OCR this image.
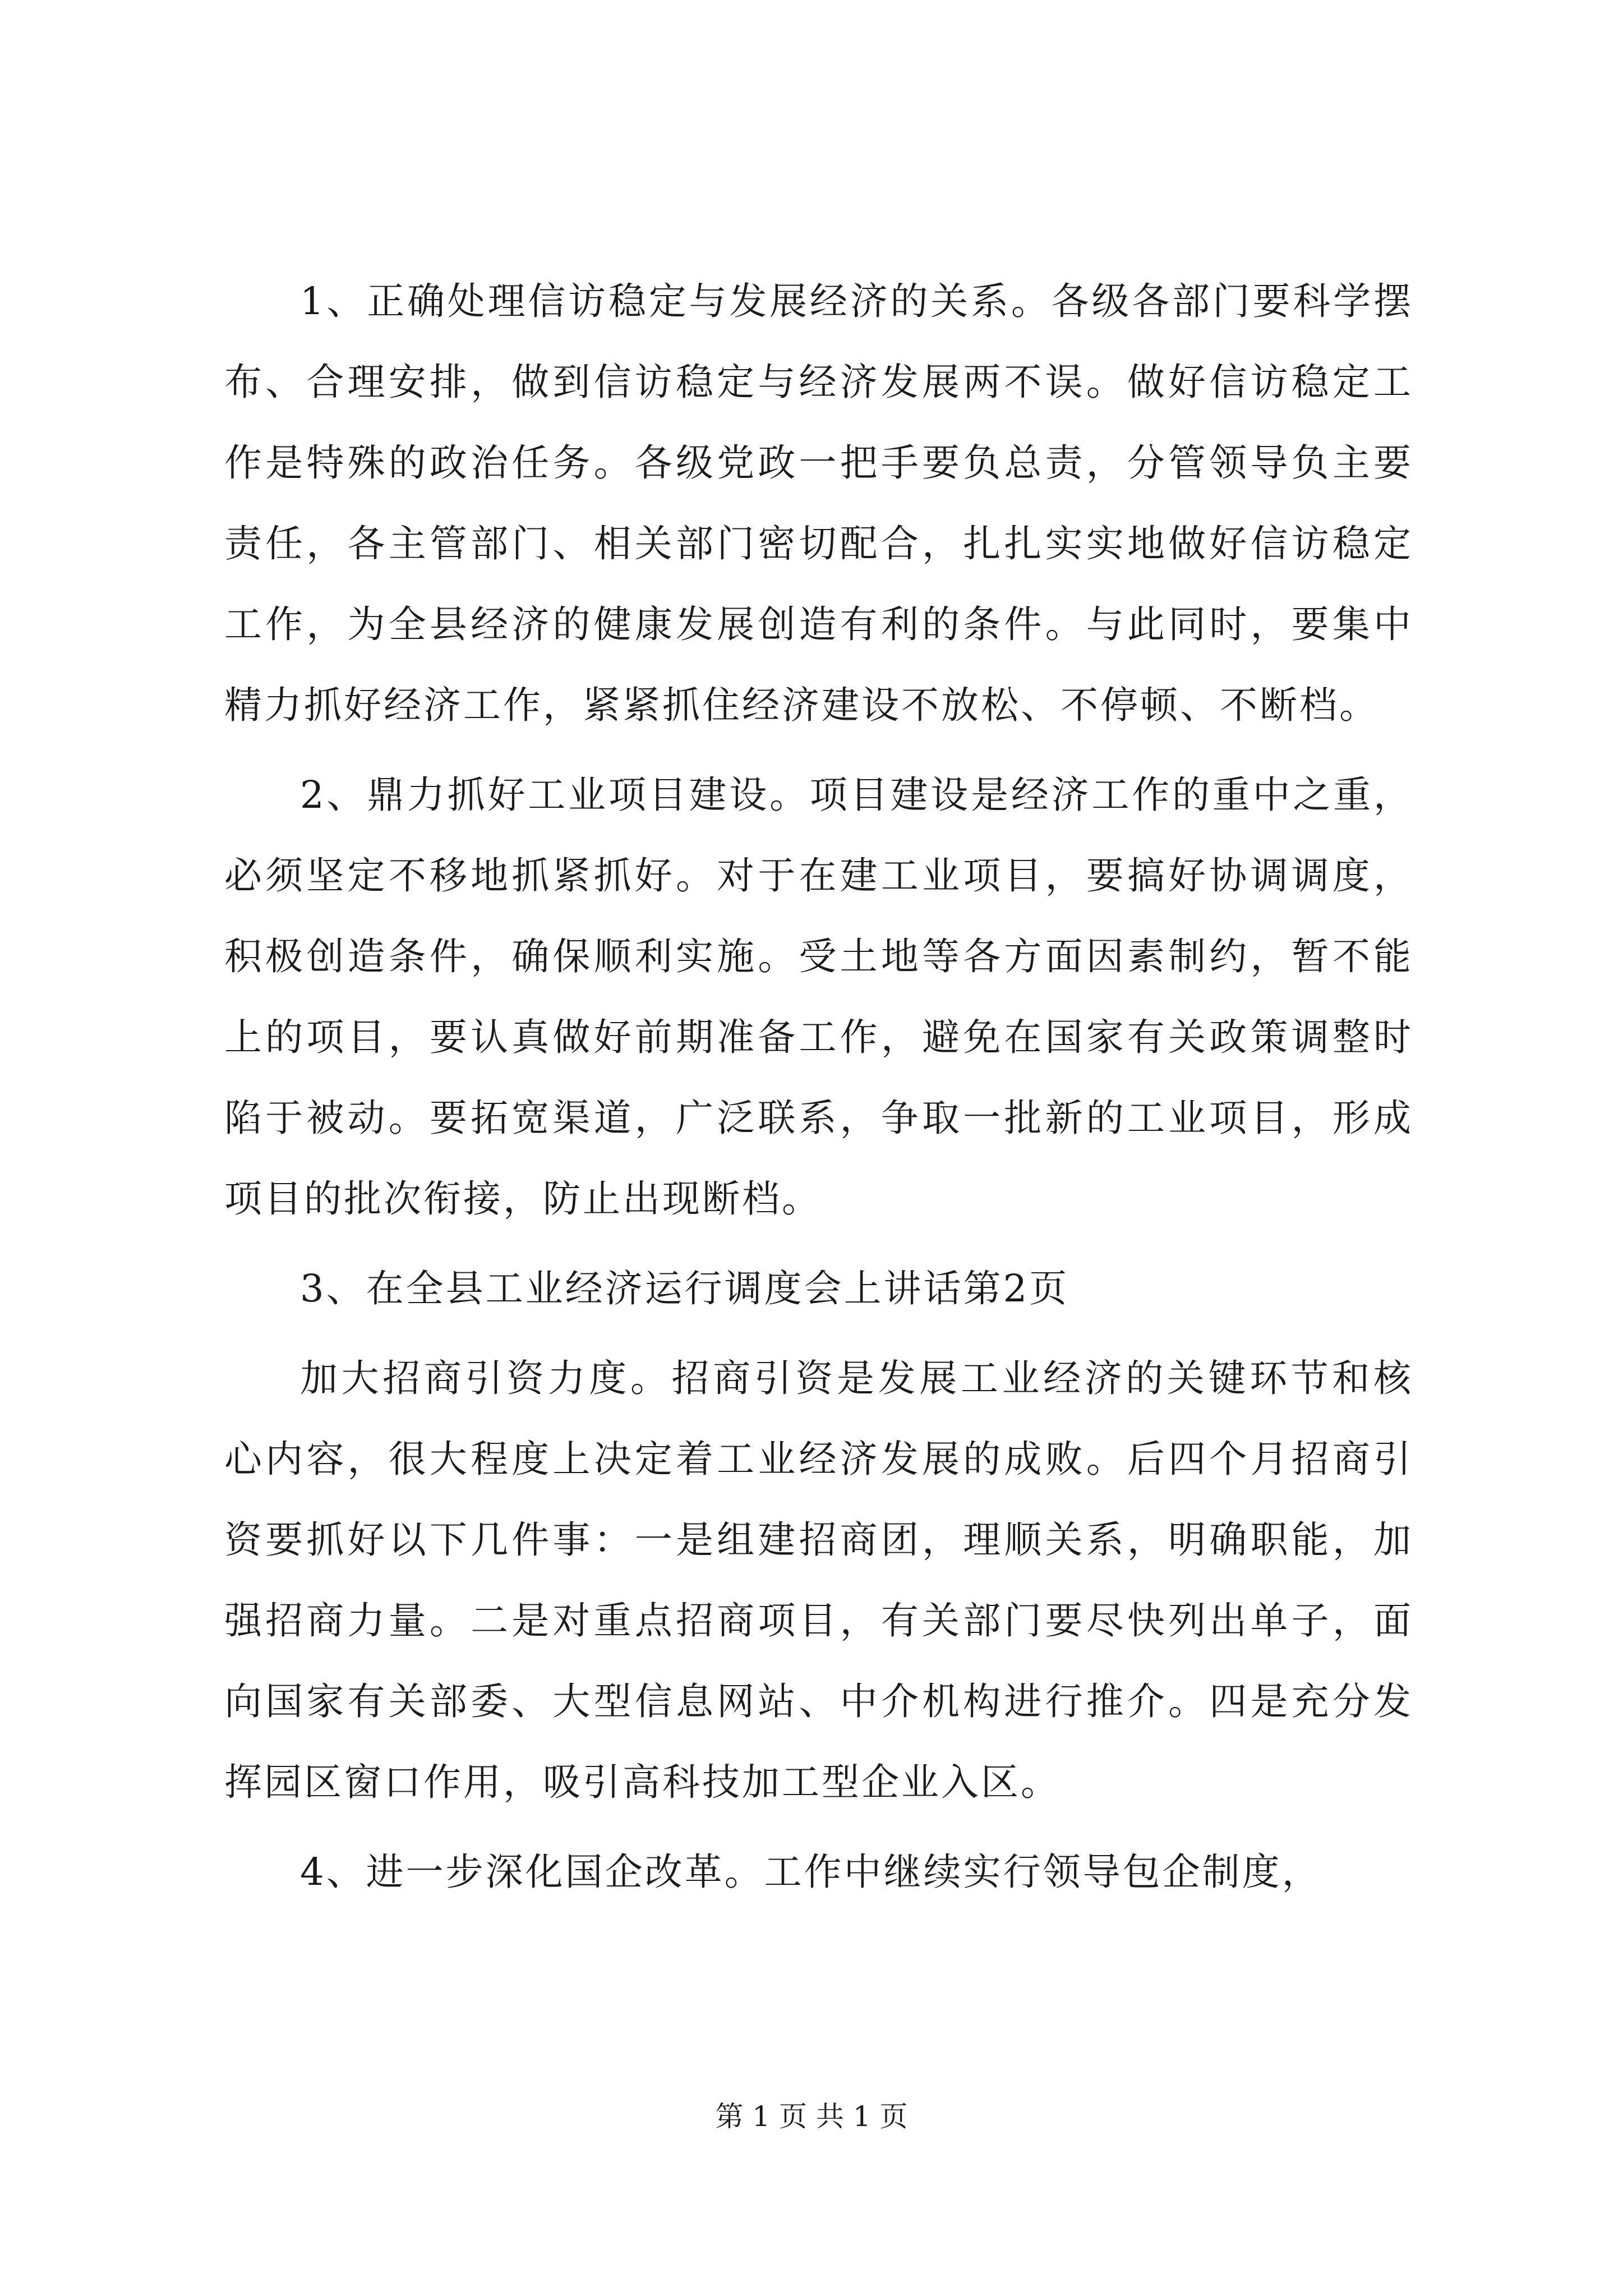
1、正确处理信访稳定与发展经济的关系。各级各部门要科学摆布、合理安排，做到信访稳定与经济发展两不误。做好信访稳定工作是特殊的政治任务。各级党政一把手要负总责，分管领导负主要责任，各主管部门、相关部门密切配合，扎扎实实地做好信访稳定工作，为全县经济的健康发展创造有利的条件。与此同时，要集中精力抓好经济工作，紧紧抓住经济建设不放松、不停顿、不断档。

2、鼎力抓好工业项目建设。项目建设是经济工作的重中之重，必须坚定不移地抓紧抓好。对于在建工业项目，要搞好协调调度，积极创造条件，确保顺利实施。受土地等各方面因素制约，暂不能上的项目，要认真做好前期准备工作，避免在国家有关政策调整时陷于被动。要拓宽渠道，广泛联系，争取一批新的工业项目，形成项目的批次衔接，防止出现断档。

3、在全县工业经济运行调度会上讲话第2页

加大招商引资力度。招商引资是发展工业经济的关键环节和核心内容，很大程度上决定着工业经济发展的成败。后四个月招商引资要抓好以下几件事：一是组建招商团，理顺关系，明确职能，加强招商力量。二是对重点招商项目，有关部门要尽快列出单子，面向国家有关部委、大型信息网站、中介机构进行推介。四是充分发挥园区窗口作用，吸引高科技加工型企业入区。

4、进一步深化国企改革。工作中继续实行领导包企制度，

第 1 页 共 1 页
